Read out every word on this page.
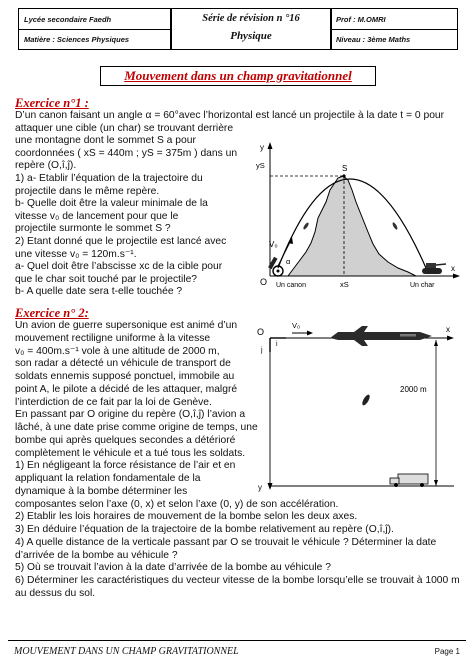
Lycée secondaire Faedh
Matière : Sciences Physiques
Série de révision n °16
Physique
Prof : M.OMRI
Niveau : 3ème Maths
Mouvement dans un champ gravitationnel
Exercice n°1 :
D’un canon faisant un angle α = 60°avec l’horizontal est lancé un projectile à la date t = 0 pour
attaquer une cible (un char) se trouvant derrière
une montagne dont le sommet S a pour
coordonnées ( xS = 440m ; yS = 375m ) dans un
repère (O,î,ĵ).
1) a- Etablir l’équation de la trajectoire du
projectile dans le même repère.
b- Quelle doit être la valeur minimale de la
vitesse v₀ de lancement pour que le
projectile surmonte le sommet S ?
2) Etant donné que le projectile est lancé avec
une vitesse v₀ = 120m.s⁻¹.
a- Quel doit être l’abscisse xc de la cible pour
que le char soit touché par le projectile?
b- A quelle date sera t-elle touchée ?
y
x
S
yS
xS
V₀
α
O Un canon	Un char
Exercice n° 2:
Un avion de guerre supersonique est animé d’un
mouvement rectiligne uniforme à la vitesse
v₀ = 400m.s⁻¹ vole à une altitude de 2000 m,
son radar a détecté un véhicule de transport de
soldats ennemis supposé ponctuel, immobile au
point A, le pilote a décidé de les attaquer, malgré
l’interdiction de ce fait par la loi de Genève.
En passant par O origine du repère (O,î,ĵ) l’avion a
lâché, à une date prise comme origine de temps, une
bombe qui après quelques secondes a détérioré
complètement le véhicule et a tué tous les soldats.
1) En négligeant la force résistance de l’air et en
appliquant la relation fondamentale de la
dynamique à la bombe déterminer les
composantes selon l’axe (0, x) et selon l’axe (0, y) de son accélération.
2) Etablir les lois horaires de mouvement de la bombe selon les deux axes.
3) En déduire l’équation de la trajectoire de la bombe relativement au repère (O,î,ĵ).
4) A quelle distance de la verticale passant par O se trouvait le véhicule ? Déterminer la date
d’arrivée de la bombe au véhicule ?
5) Où se trouvait l’avion à la date d’arrivée de la bombe au véhicule ?
6) Déterminer les caractéristiques du vecteur vitesse de la bombe lorsqu’elle se trouvait à 1000 m
au dessus du sol.
x
y
O
i
j
V₀
2000 m
MOUVEMENT DANS UN CHAMP GRAVITATIONNEL	Page 1
